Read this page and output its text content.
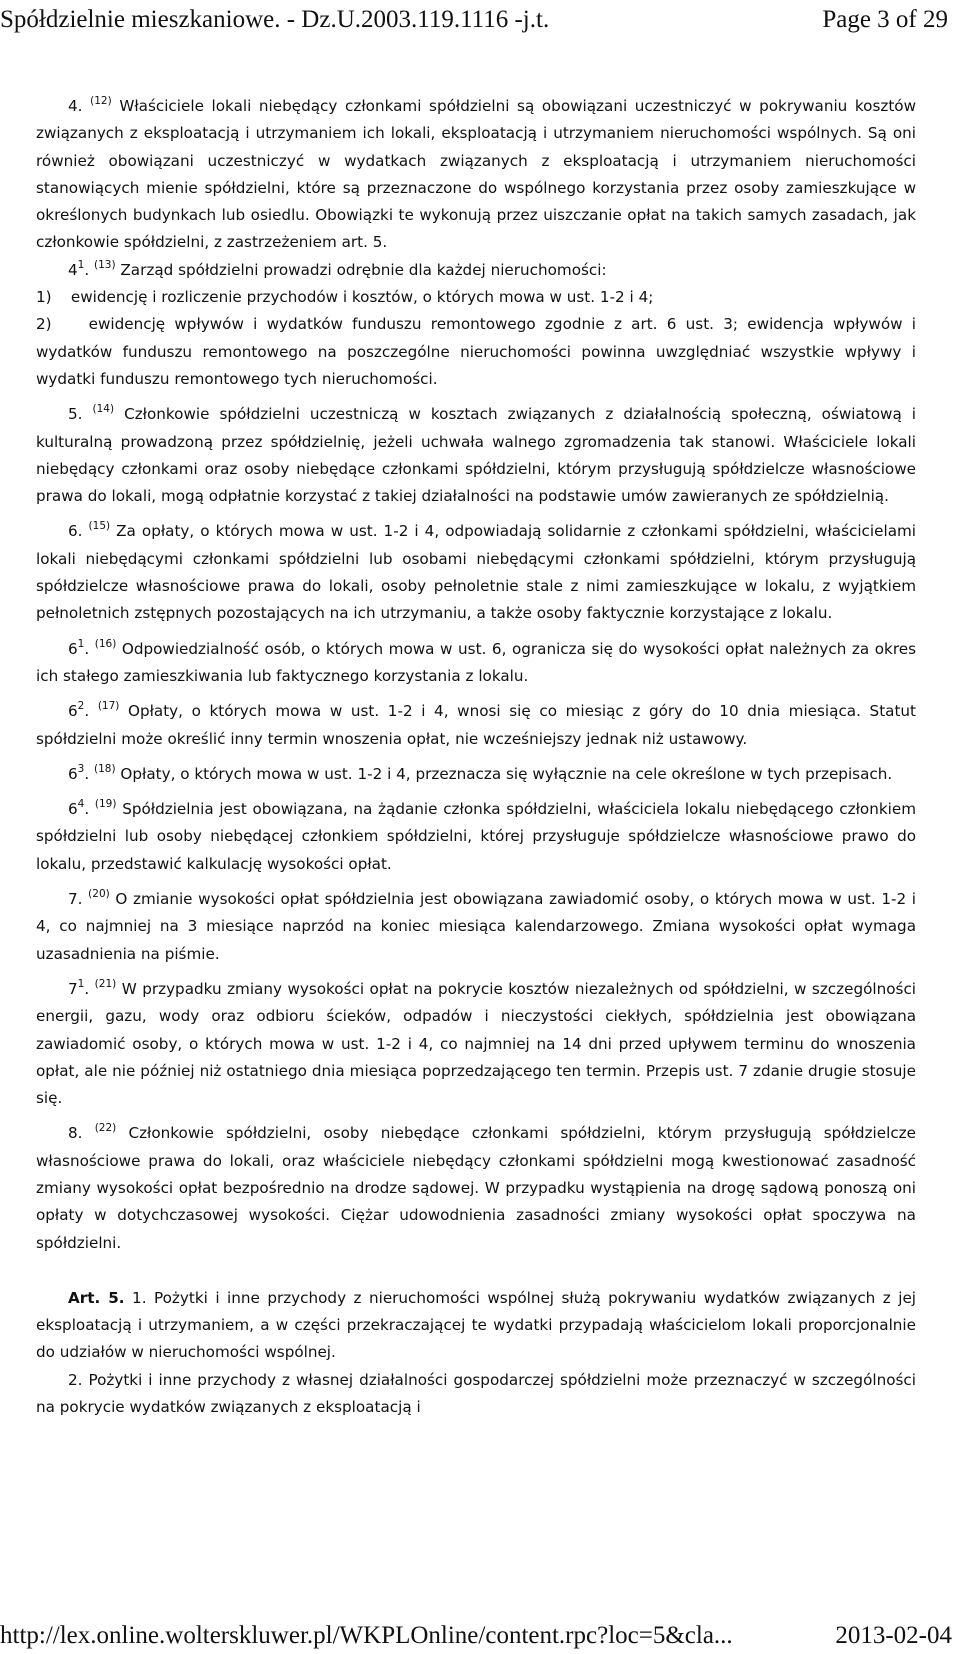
Spółdzielnie mieszkaniowe. - Dz.U.2003.119.1116 -j.t.	Page 3 of 29

4. $^{(12)}$ Właściciele lokali niebędący członkami spółdzielni są obowiązani uczestniczyć w pokrywaniu kosztów związanych z eksploatacją i utrzymaniem ich lokali, eksploatacją i utrzymaniem nieruchomości wspólnych. Są oni również obowiązani uczestniczyć w wydatkach związanych z eksploatacją i utrzymaniem nieruchomości stanowiących mienie spółdzielni, które są przeznaczone do wspólnego korzystania przez osoby zamieszkujące w określonych budynkach lub osiedlu. Obowiązki te wykonują przez uiszczanie opłat na takich samych zasadach, jak członkowie spółdzielni, z zastrzeżeniem art. 5.

$4^1$. $^{(13)}$ Zarząd spółdzielni prowadzi odrębnie dla każdej nieruchomości:

1) ewidencję i rozliczenie przychodów i kosztów, o których mowa w ust. 1-2 i 4;

2) ewidencję wpływów i wydatków funduszu remontowego zgodnie z art. 6 ust. 3; ewidencja wpływów i wydatków funduszu remontowego na poszczególne nieruchomości powinna uwzględniać wszystkie wpływy i wydatki funduszu remontowego tych nieruchomości.

5. $^{(14)}$ Członkowie spółdzielni uczestniczą w kosztach związanych z działalnością społeczną, oświatową i kulturalną prowadzoną przez spółdzielnię, jeżeli uchwała walnego zgromadzenia tak stanowi. Właściciele lokali niebędący członkami oraz osoby niebędące członkami spółdzielni, którym przysługują spółdzielcze własnościowe prawa do lokali, mogą odpłatnie korzystać z takiej działalności na podstawie umów zawieranych ze spółdzielnią.

6. $^{(15)}$ Za opłaty, o których mowa w ust. 1-2 i 4, odpowiadają solidarnie z członkami spółdzielni, właścicielami lokali niebędącymi członkami spółdzielni lub osobami niebędącymi członkami spółdzielni, którym przysługują spółdzielcze własnościowe prawa do lokali, osoby pełnoletnie stale z nimi zamieszkujące w lokalu, z wyjątkiem pełnoletnich zstępnych pozostających na ich utrzymaniu, a także osoby faktycznie korzystające z lokalu.

$6^1$. $^{(16)}$ Odpowiedzialność osób, o których mowa w ust. 6, ogranicza się do wysokości opłat należnych za okres ich stałego zamieszkiwania lub faktycznego korzystania z lokalu.

$6^2$. $^{(17)}$ Opłaty, o których mowa w ust. 1-2 i 4, wnosi się co miesiąc z góry do 10 dnia miesiąca. Statut spółdzielni może określić inny termin wnoszenia opłat, nie wcześniejszy jednak niż ustawowy.

$6^3$. $^{(18)}$ Opłaty, o których mowa w ust. 1-2 i 4, przeznacza się wyłącznie na cele określone w tych przepisach.

$6^4$. $^{(19)}$ Spółdzielnia jest obowiązana, na żądanie członka spółdzielni, właściciela lokalu niebędącego członkiem spółdzielni lub osoby niebędącej członkiem spółdzielni, której przysługuje spółdzielcze własnościowe prawo do lokalu, przedstawić kalkulację wysokości opłat.

7. $^{(20)}$ O zmianie wysokości opłat spółdzielnia jest obowiązana zawiadomić osoby, o których mowa w ust. 1-2 i 4, co najmniej na 3 miesiące naprzód na koniec miesiąca kalendarzowego. Zmiana wysokości opłat wymaga uzasadnienia na piśmie.

$7^1$. $^{(21)}$ W przypadku zmiany wysokości opłat na pokrycie kosztów niezależnych od spółdzielni, w szczególności energii, gazu, wody oraz odbioru ścieków, odpadów i nieczystości ciekłych, spółdzielnia jest obowiązana zawiadomić osoby, o których mowa w ust. 1-2 i 4, co najmniej na 14 dni przed upływem terminu do wnoszenia opłat, ale nie później niż ostatniego dnia miesiąca poprzedzającego ten termin. Przepis ust. 7 zdanie drugie stosuje się.

8. $^{(22)}$ Członkowie spółdzielni, osoby niebędące członkami spółdzielni, którym przysługują spółdzielcze własnościowe prawa do lokali, oraz właściciele niebędący członkami spółdzielni mogą kwestionować zasadność zmiany wysokości opłat bezpośrednio na drodze sądowej. W przypadku wystąpienia na drogę sądową ponoszą oni opłaty w dotychczasowej wysokości. Ciężar udowodnienia zasadności zmiany wysokości opłat spoczywa na spółdzielni.

Art. 5. 1. Pożytki i inne przychody z nieruchomości wspólnej służą pokrywaniu wydatków związanych z jej eksploatacją i utrzymaniem, a w części przekraczającej te wydatki przypadają właścicielom lokali proporcjonalnie do udziałów w nieruchomości wspólnej.

2. Pożytki i inne przychody z własnej działalności gospodarczej spółdzielni może przeznaczyć w szczególności na pokrycie wydatków związanych z eksploatacją i

http://lex.online.wolterskluwer.pl/WKPLOnline/content.rpc?loc=5&cla...	2013-02-04
